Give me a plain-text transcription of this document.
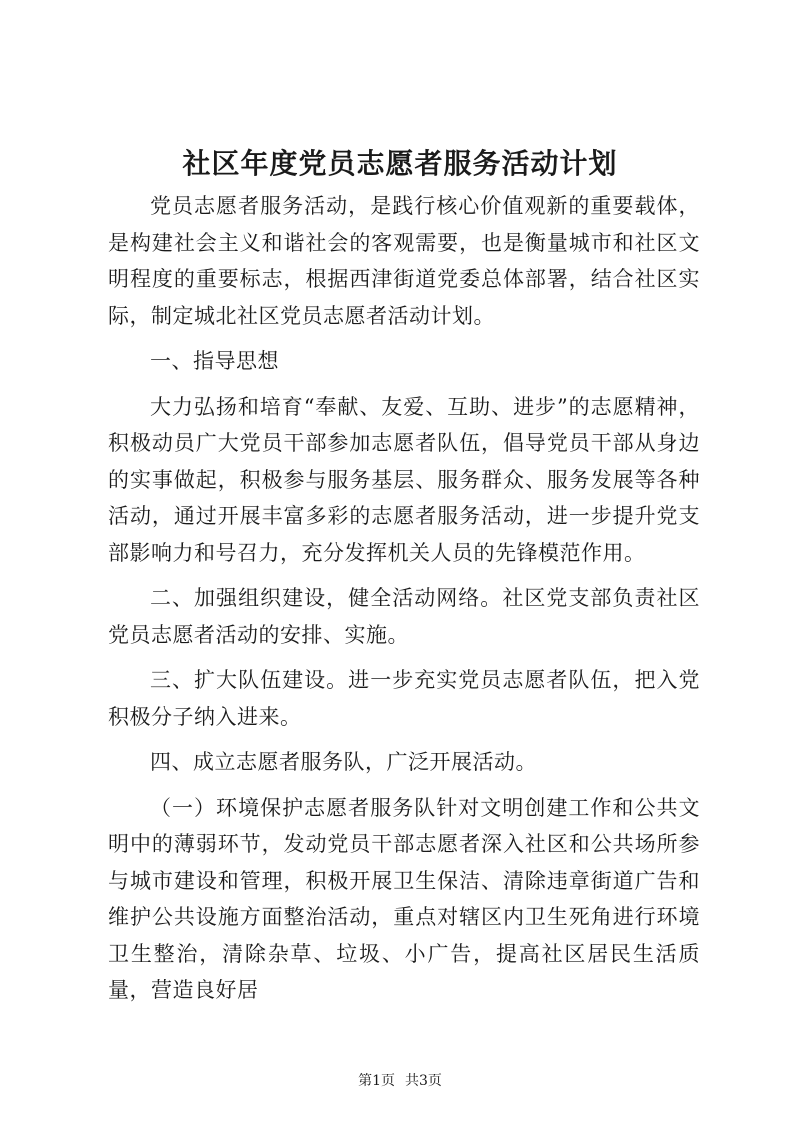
社区年度党员志愿者服务活动计划

党员志愿者服务活动，是践行核心价值观新的重要载体，是构建社会主义和谐社会的客观需要，也是衡量城市和社区文明程度的重要标志，根据西津街道党委总体部署，结合社区实际，制定城北社区党员志愿者活动计划。

一、指导思想

大力弘扬和培育“奉献、友爱、互助、进步”的志愿精神，积极动员广大党员干部参加志愿者队伍，倡导党员干部从身边的实事做起，积极参与服务基层、服务群众、服务发展等各种活动，通过开展丰富多彩的志愿者服务活动，进一步提升党支部影响力和号召力，充分发挥机关人员的先锋模范作用。

二、加强组织建设，健全活动网络。社区党支部负责社区党员志愿者活动的安排、实施。

三、扩大队伍建设。进一步充实党员志愿者队伍，把入党积极分子纳入进来。

四、成立志愿者服务队，广泛开展活动。

（一）环境保护志愿者服务队针对文明创建工作和公共文明中的薄弱环节，发动党员干部志愿者深入社区和公共场所参与城市建设和管理，积极开展卫生保洁、清除违章街道广告和维护公共设施方面整治活动，重点对辖区内卫生死角进行环境卫生整治，清除杂草、垃圾、小广告，提高社区居民生活质量，营造良好居

第1页 共3页
